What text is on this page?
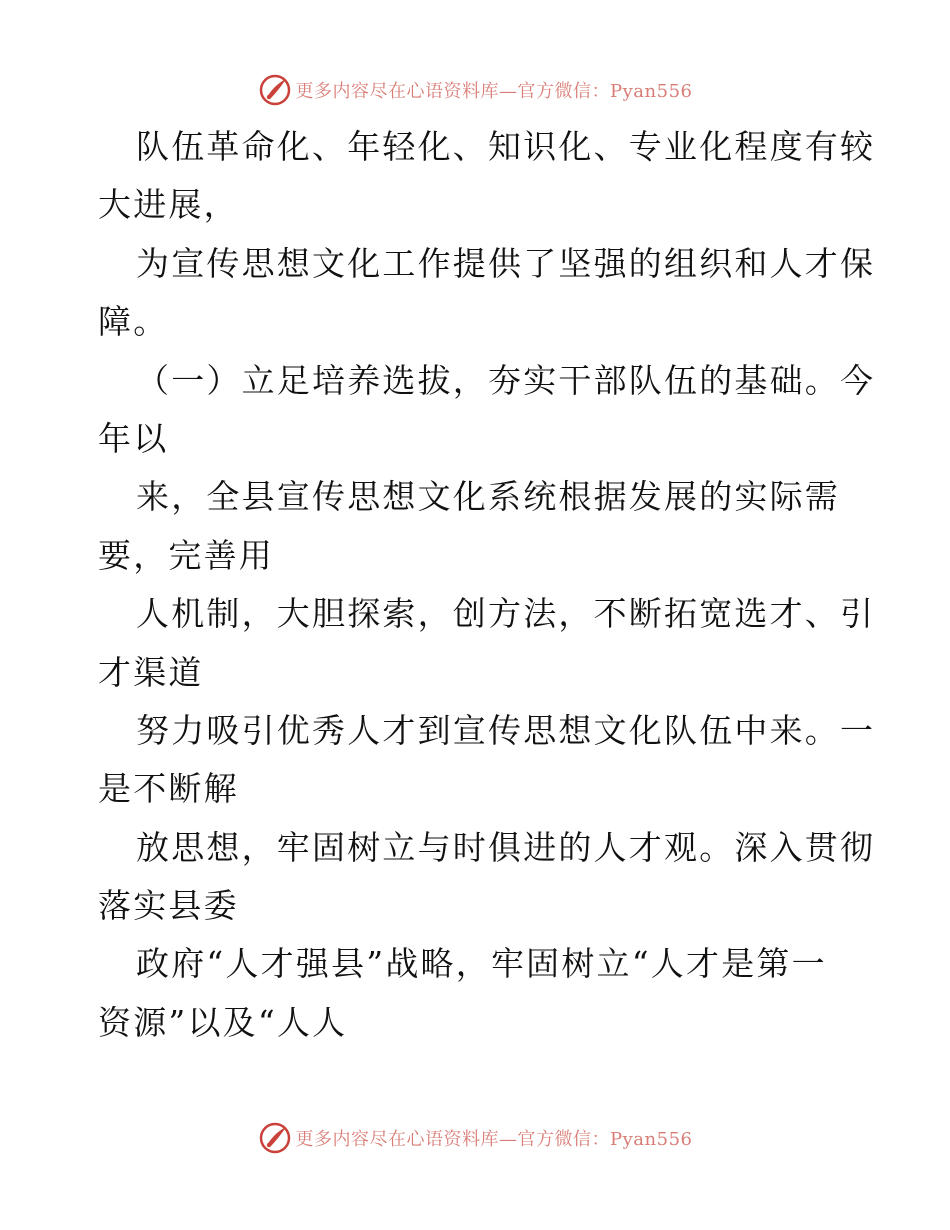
更多内容尽在心语资料库—官方微信：Pyan556
队伍革命化、年轻化、知识化、专业化程度有较
大进展，
为宣传思想文化工作提供了坚强的组织和人才保
障。
（一）立足培养选拔，夯实干部队伍的基础。今
年以
来，全县宣传思想文化系统根据发展的实际需
要，完善用
人机制，大胆探索，创方法，不断拓宽选才、引
才渠道
努力吸引优秀人才到宣传思想文化队伍中来。一
是不断解
放思想，牢固树立与时俱进的人才观。深入贯彻
落实县委
政府“人才强县”战略，牢固树立“人才是第一
资源”以及“人人
更多内容尽在心语资料库—官方微信：Pyan556
